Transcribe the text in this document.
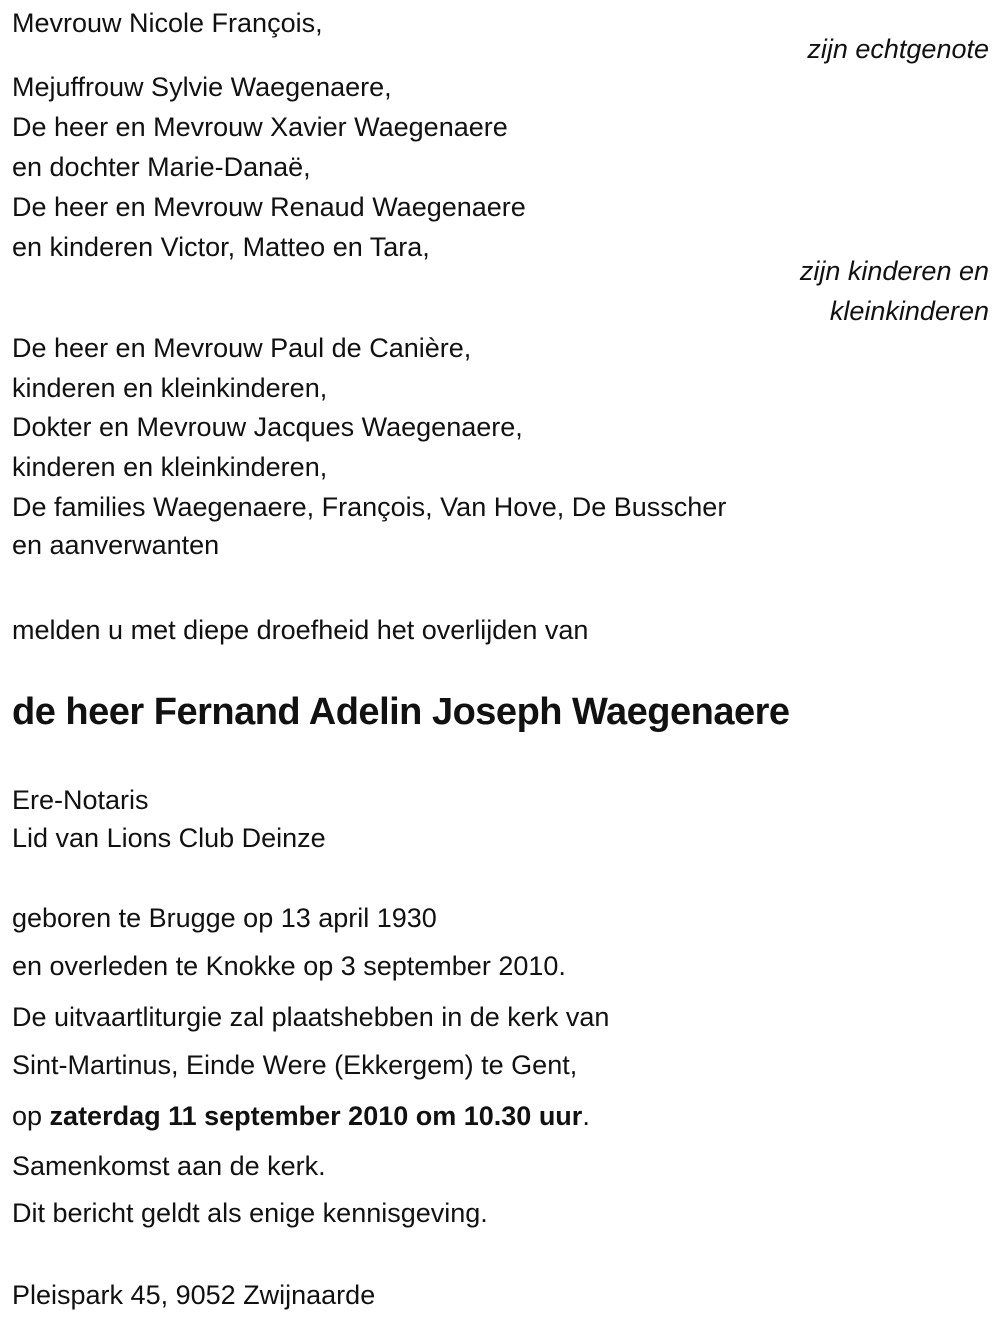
Mevrouw Nicole François,
zijn echtgenote
Mejuffrouw Sylvie Waegenaere,
De heer en Mevrouw Xavier Waegenaere
en dochter Marie-Danaë,
De heer en Mevrouw Renaud Waegenaere
en kinderen Victor, Matteo en Tara,
zijn kinderen en
kleinkinderen
De heer en Mevrouw Paul de Canière,
kinderen en kleinkinderen,
Dokter en Mevrouw Jacques Waegenaere,
kinderen en kleinkinderen,
De families Waegenaere, François, Van Hove, De Busscher
en aanverwanten
melden u met diepe droefheid het overlijden van
de heer Fernand Adelin Joseph Waegenaere
Ere-Notaris
Lid van Lions Club Deinze
geboren te Brugge op 13 april 1930
en overleden te Knokke op 3 september 2010.
De uitvaartliturgie zal plaatshebben in de kerk van
Sint-Martinus, Einde Were (Ekkergem) te Gent,
op zaterdag 11 september 2010 om 10.30 uur.
Samenkomst aan de kerk.
Dit bericht geldt als enige kennisgeving.
Pleispark 45, 9052 Zwijnaarde
